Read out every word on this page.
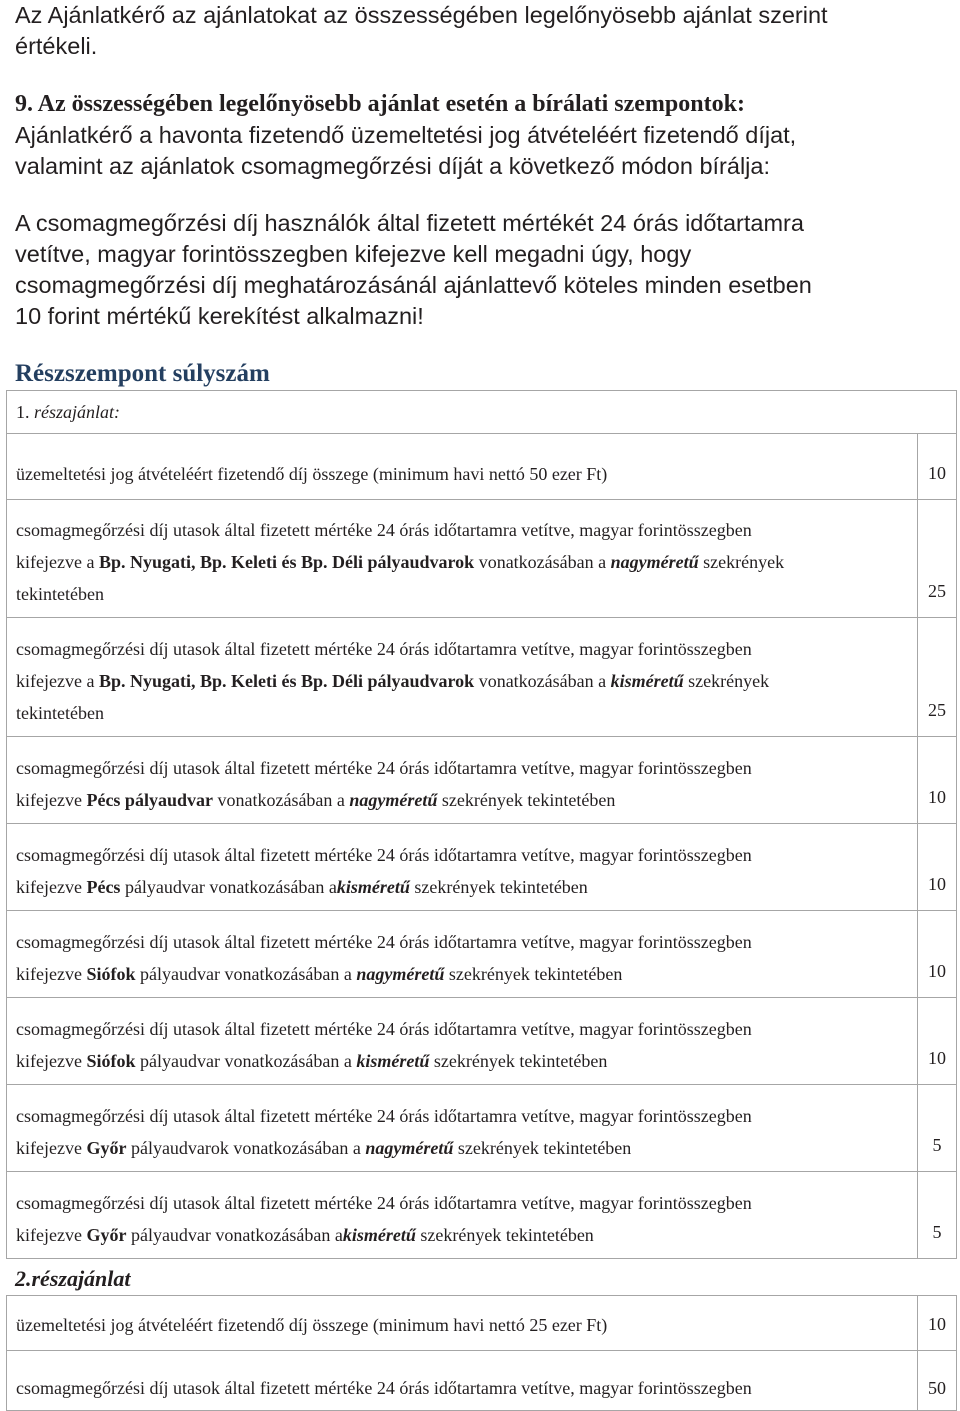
Az Ajánlatkérő az ajánlatokat az összességében legelőnyösebb ajánlat szerint
értékeli.
9. Az összességében legelőnyösebb ajánlat esetén a bírálati szempontok:
Ajánlatkérő a havonta fizetendő üzemeltetési jog átvételéért fizetendő díjat,
valamint az ajánlatok csomagmegőrzési díját a következő módon bírálja:
A csomagmegőrzési díj használók által fizetett mértékét 24 órás időtartamra
vetítve, magyar forintösszegben kifejezve kell megadni úgy, hogy
csomagmegőrzési díj meghatározásánál ajánlattevő köteles minden esetben
10 forint mértékű kerekítést alkalmazni!
Részszempont súlyszám
1. részajánlat:	

üzemeltetési jog átvételéért fizetendő díj összege (minimum havi nettó 50 ezer Ft)	10

csomagmegőrzési díj utasok által fizetett mértéke 24 órás időtartamra vetítve, magyar forintösszegben
kifejezve a Bp. Nyugati, Bp. Keleti és Bp. Déli pályaudvarok vonatkozásában a nagyméretű szekrények
tekintetében	25

csomagmegőrzési díj utasok által fizetett mértéke 24 órás időtartamra vetítve, magyar forintösszegben
kifejezve a Bp. Nyugati, Bp. Keleti és Bp. Déli pályaudvarok vonatkozásában a kisméretű szekrények
tekintetében	25

csomagmegőrzési díj utasok által fizetett mértéke 24 órás időtartamra vetítve, magyar forintösszegben
kifejezve Pécs pályaudvar vonatkozásában a nagyméretű szekrények tekintetében	10

csomagmegőrzési díj utasok által fizetett mértéke 24 órás időtartamra vetítve, magyar forintösszegben
kifejezve Pécs pályaudvar vonatkozásában akisméretű szekrények tekintetében	10

csomagmegőrzési díj utasok által fizetett mértéke 24 órás időtartamra vetítve, magyar forintösszegben
kifejezve Siófok pályaudvar vonatkozásában a nagyméretű szekrények tekintetében	10

csomagmegőrzési díj utasok által fizetett mértéke 24 órás időtartamra vetítve, magyar forintösszegben
kifejezve Siófok pályaudvar vonatkozásában a kisméretű szekrények tekintetében	10

csomagmegőrzési díj utasok által fizetett mértéke 24 órás időtartamra vetítve, magyar forintösszegben
kifejezve Győr pályaudvarok vonatkozásában a nagyméretű szekrények tekintetében	5

csomagmegőrzési díj utasok által fizetett mértéke 24 órás időtartamra vetítve, magyar forintösszegben
kifejezve Győr pályaudvar vonatkozásában akisméretű szekrények tekintetében	5
2.részajánlat
üzemeltetési jog átvételéért fizetendő díj összege (minimum havi nettó 25 ezer Ft)	10

csomagmegőrzési díj utasok által fizetett mértéke 24 órás időtartamra vetítve, magyar forintösszegben	50
